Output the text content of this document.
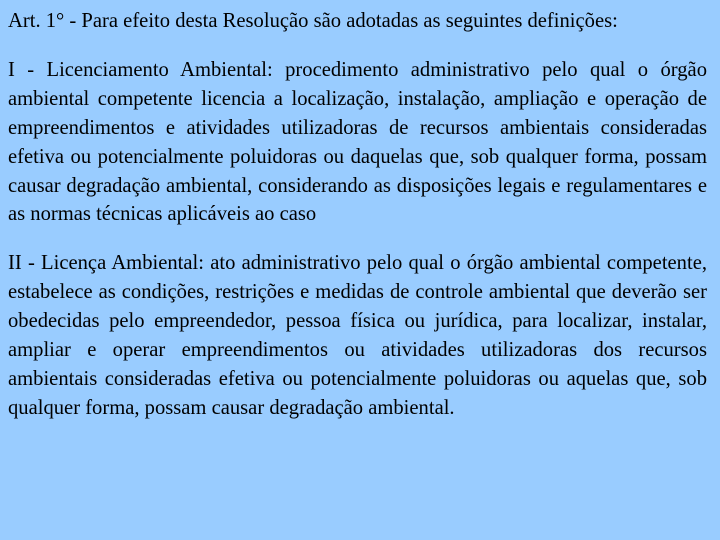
Art. 1° - Para efeito desta Resolução são adotadas as seguintes definições:

I - Licenciamento Ambiental: procedimento administrativo pelo qual o órgão ambiental competente licencia a localização, instalação, ampliação e operação de empreendimentos e atividades utilizadoras de recursos ambientais consideradas efetiva ou potencialmente poluidoras ou daquelas que, sob qualquer forma, possam causar degradação ambiental, considerando as disposições legais e regulamentares e as normas técnicas aplicáveis ao caso

II - Licença Ambiental: ato administrativo pelo qual o órgão ambiental competente, estabelece as condições, restrições e medidas de controle ambiental que deverão ser obedecidas pelo empreendedor, pessoa física ou jurídica, para localizar, instalar, ampliar e operar empreendimentos ou atividades utilizadoras dos recursos ambientais consideradas efetiva ou potencialmente poluidoras ou aquelas que, sob qualquer forma, possam causar degradação ambiental.
